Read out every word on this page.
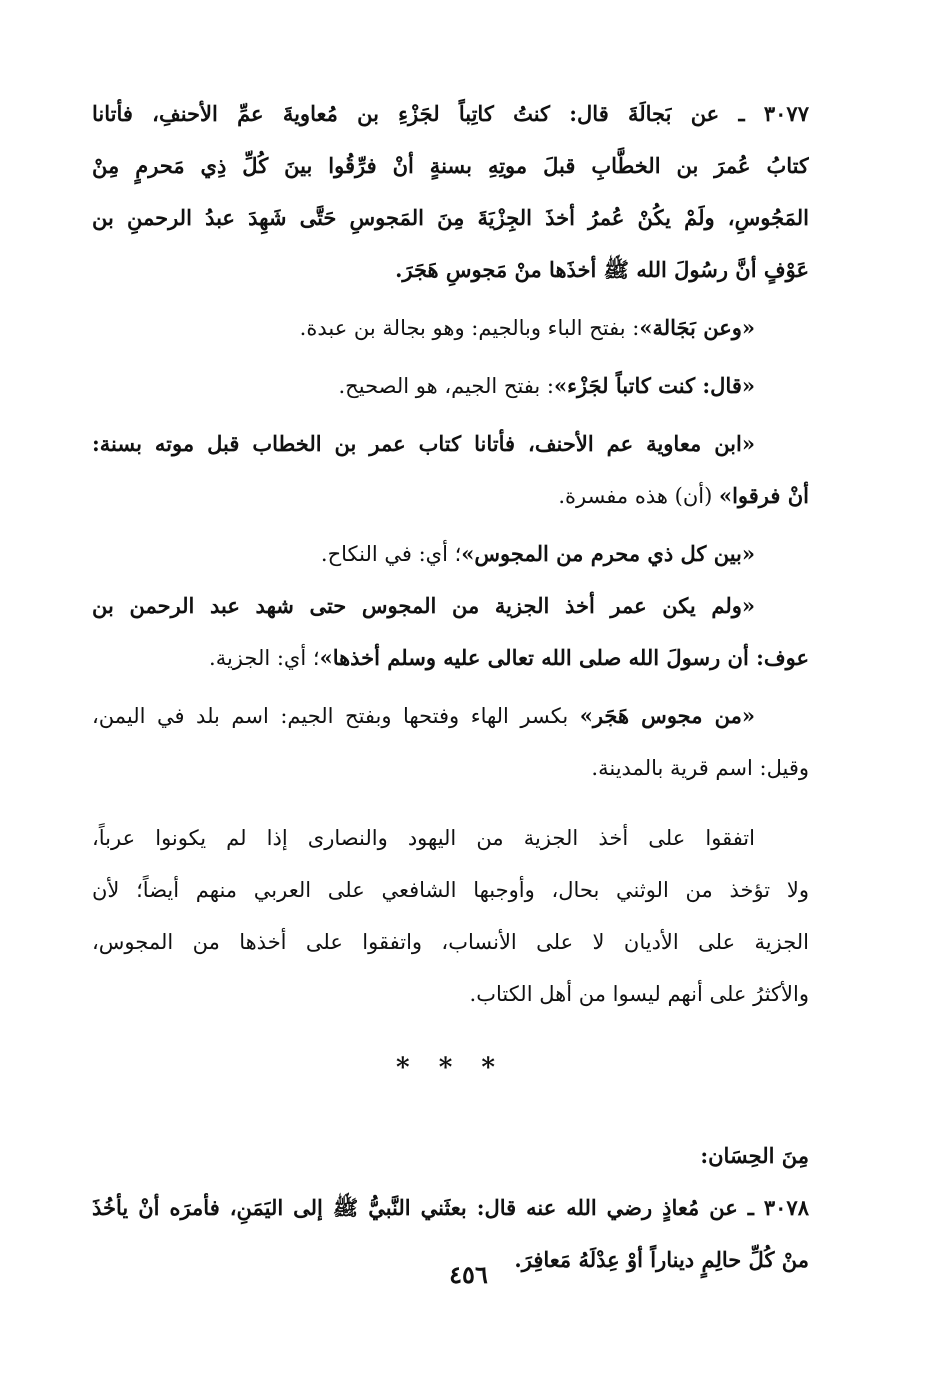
٣٠٧٧ ـ عن بَجالَةَ قال: كنتُ كاتِباً لجَزْءِ بن مُعاويةَ عمِّ الأحنفِ، فأتانا
كتابُ عُمرَ بن الخطَّابِ قبلَ موتِهِ بسنةٍ أنْ فرِّقُوا بينَ كُلِّ ذِي مَحرمٍ مِنْ
المَجُوسِ، ولَمْ يكُنْ عُمرُ أخذَ الجِزْيَةَ مِنَ المَجوسِ حَتَّى شَهِدَ عبدُ الرحمنِ بن
عَوْفٍ أنَّ رسُولَ الله ﷺ أخذَها منْ مَجوسِ هَجَرَ.
«وعن بَجَالة»: بفتح الباء وبالجيم: وهو بجالة بن عبدة.
«قال: كنت كاتباً لجَزْء»: بفتح الجيم، هو الصحيح.
«ابن معاوية عم الأحنف، فأتانا كتاب عمر بن الخطاب قبل موته بسنة:
أنْ فرقوا» (أن) هذه مفسرة.
«بين كل ذي محرم من المجوس»؛ أي: في النكاح.
«ولم يكن عمر أخذ الجزية من المجوس حتى شهد عبد الرحمن بن
عوف: أن رسولَ الله صلى الله تعالى عليه وسلم أخذها»؛ أي: الجزية.
«من مجوس هَجَر» بكسر الهاء وفتحها وبفتح الجيم: اسم بلد في اليمن،
وقيل: اسم قرية بالمدينة.
اتفقوا على أخذ الجزية من اليهود والنصارى إذا لم يكونوا عرباً،
ولا تؤخذ من الوثني بحال، وأوجبها الشافعي على العربي منهم أيضاً؛ لأن
الجزية على الأديان لا على الأنساب، واتفقوا على أخذها من المجوس،
والأكثرُ على أنهم ليسوا من أهل الكتاب.
* * *
مِنَ الحِسَان:
٣٠٧٨ ـ عن مُعاذٍ رضي الله عنه قال: بعثَني النَّبيُّ ﷺ إلى اليَمَنِ، فأمرَه أنْ يأخُذَ
منْ كُلِّ حالِمٍ ديناراً أوْ عِدْلَهُ مَعافِرَ.
٤٥٦
